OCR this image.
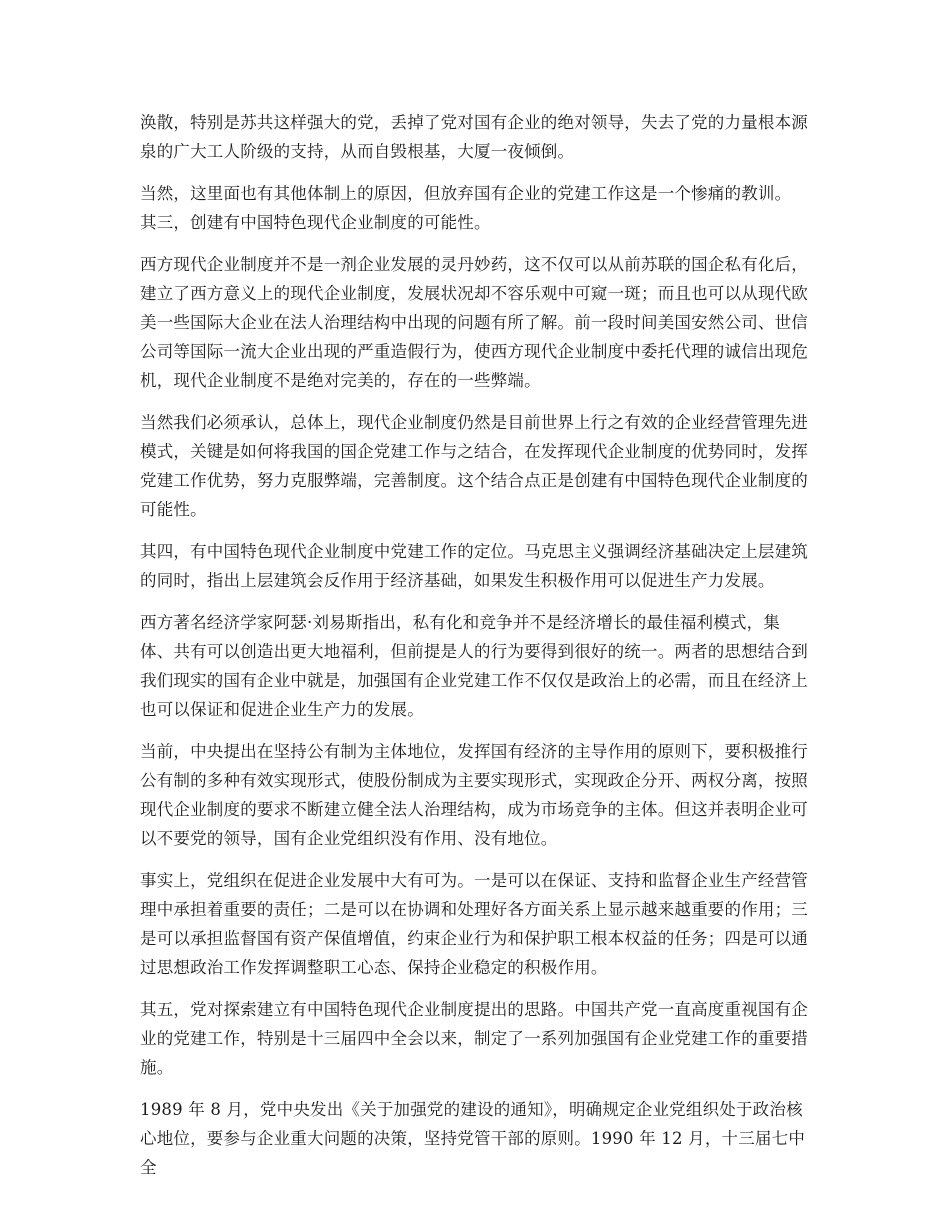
涣散，特别是苏共这样强大的党，丢掉了党对国有企业的绝对领导，失去了党的力量根本源泉的广大工人阶级的支持，从而自毁根基，大厦一夜倾倒。

当然，这里面也有其他体制上的原因，但放弃国有企业的党建工作这是一个惨痛的教训。

其三，创建有中国特色现代企业制度的可能性。

西方现代企业制度并不是一剂企业发展的灵丹妙药，这不仅可以从前苏联的国企私有化后，建立了西方意义上的现代企业制度，发展状况却不容乐观中可窥一斑；而且也可以从现代欧美一些国际大企业在法人治理结构中出现的问题有所了解。前一段时间美国安然公司、世信公司等国际一流大企业出现的严重造假行为，使西方现代企业制度中委托代理的诚信出现危机，现代企业制度不是绝对完美的，存在的一些弊端。

当然我们必须承认，总体上，现代企业制度仍然是目前世界上行之有效的企业经营管理先进模式，关键是如何将我国的国企党建工作与之结合，在发挥现代企业制度的优势同时，发挥党建工作优势，努力克服弊端，完善制度。这个结合点正是创建有中国特色现代企业制度的可能性。

其四，有中国特色现代企业制度中党建工作的定位。马克思主义强调经济基础决定上层建筑的同时，指出上层建筑会反作用于经济基础，如果发生积极作用可以促进生产力发展。

西方著名经济学家阿瑟·刘易斯指出，私有化和竞争并不是经济增长的最佳福利模式，集体、共有可以创造出更大地福利，但前提是人的行为要得到很好的统一。两者的思想结合到我们现实的国有企业中就是，加强国有企业党建工作不仅仅是政治上的必需，而且在经济上也可以保证和促进企业生产力的发展。

当前，中央提出在坚持公有制为主体地位，发挥国有经济的主导作用的原则下，要积极推行公有制的多种有效实现形式，使股份制成为主要实现形式，实现政企分开、两权分离，按照现代企业制度的要求不断建立健全法人治理结构，成为市场竞争的主体。但这并表明企业可以不要党的领导，国有企业党组织没有作用、没有地位。

事实上，党组织在促进企业发展中大有可为。一是可以在保证、支持和监督企业生产经营管理中承担着重要的责任；二是可以在协调和处理好各方面关系上显示越来越重要的作用；三是可以承担监督国有资产保值增值，约束企业行为和保护职工根本权益的任务；四是可以通过思想政治工作发挥调整职工心态、保持企业稳定的积极作用。

其五，党对探索建立有中国特色现代企业制度提出的思路。中国共产党一直高度重视国有企业的党建工作，特别是十三届四中全会以来，制定了一系列加强国有企业党建工作的重要措施。

1989 年 8 月，党中央发出《关于加强党的建设的通知》，明确规定企业党组织处于政治核心地位，要参与企业重大问题的决策，坚持党管干部的原则。1990 年 12 月，十三届七中全
